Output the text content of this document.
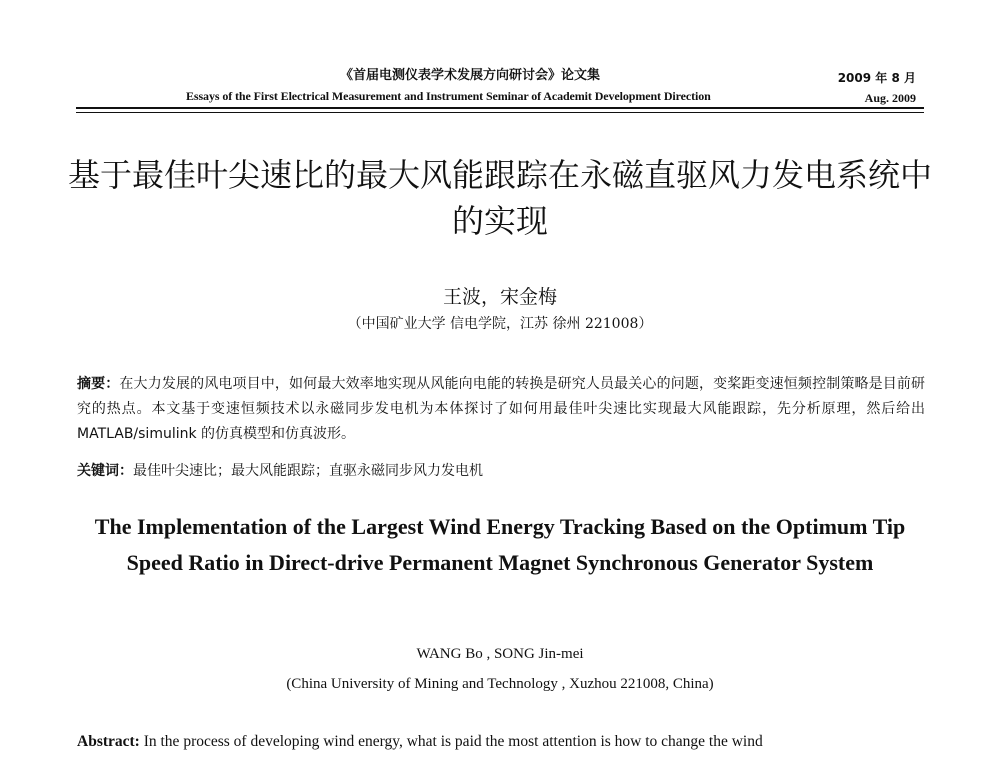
《首届电测仪表学术发展方向研讨会》论文集
Essays of the First Electrical Measurement and Instrument Seminar of Academit Development Direction
2009 年 8 月
Aug. 2009
基于最佳叶尖速比的最大风能跟踪在永磁直驱风力发电系统中的实现
王波，宋金梅
（中国矿业大学 信电学院，江苏 徐州 221008）
摘要：在大力发展的风电项目中，如何最大效率地实现从风能向电能的转换是研究人员最关心的问题，变桨距变速恒频控制策略是目前研究的热点。本文基于变速恒频技术以永磁同步发电机为本体探讨了如何用最佳叶尖速比实现最大风能跟踪，先分析原理，然后给出 MATLAB/simulink 的仿真模型和仿真波形。
关键词：最佳叶尖速比；最大风能跟踪；直驱永磁同步风力发电机
The Implementation of the Largest Wind Energy Tracking Based on the Optimum Tip Speed Ratio in Direct-drive Permanent Magnet Synchronous Generator System
WANG Bo , SONG Jin-mei
(China University of Mining and Technology , Xuzhou 221008, China)
Abstract: In the process of developing wind energy, what is paid the most attention is how to change the wind
